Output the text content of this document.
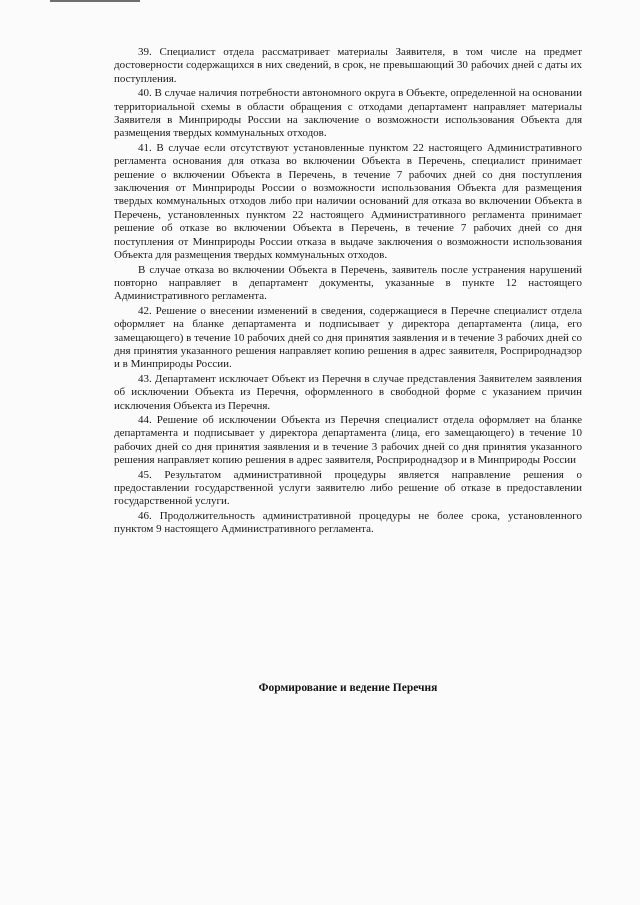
39. Специалист отдела рассматривает материалы Заявителя, в том числе на предмет достоверности содержащихся в них сведений, в срок, не превышающий 30 рабочих дней с даты их поступления.

40. В случае наличия потребности автономного округа в Объекте, определенной на основании территориальной схемы в области обращения с отходами департамент направляет материалы Заявителя в Минприроды России на заключение о возможности использования Объекта для размещения твердых коммунальных отходов.

41. В случае если отсутствуют установленные пунктом 22 настоящего Административного регламента основания для отказа во включении Объекта в Перечень, специалист принимает решение о включении Объекта в Перечень, в течение 7 рабочих дней со дня поступления заключения от Минприроды России о возможности использования Объекта для размещения твердых коммунальных отходов либо при наличии оснований для отказа во включении Объекта в Перечень, установленных пунктом 22 настоящего Административного регламента принимает решение об отказе во включении Объекта в Перечень, в течение 7 рабочих дней со дня поступления от Минприроды России отказа в выдаче заключения о возможности использования Объекта для размещения твердых коммунальных отходов.

В случае отказа во включении Объекта в Перечень, заявитель после устранения нарушений повторно направляет в департамент документы, указанные в пункте 12 настоящего Административного регламента.

42. Решение о внесении изменений в сведения, содержащиеся в Перечне специалист отдела оформляет на бланке департамента и подписывает у директора департамента (лица, его замещающего) в течение 10 рабочих дней со дня принятия заявления и в течение 3 рабочих дней со дня принятия указанного решения направляет копию решения в адрес заявителя, Росприроднадзор и в Минприроды России.

43. Департамент исключает Объект из Перечня в случае представления Заявителем заявления об исключении Объекта из Перечня, оформленного в свободной форме с указанием причин исключения Объекта из Перечня.

44. Решение об исключении Объекта из Перечня специалист отдела оформляет на бланке департамента и подписывает у директора департамента (лица, его замещающего) в течение 10 рабочих дней со дня принятия заявления и в течение 3 рабочих дней со дня принятия указанного решения направляет копию решения в адрес заявителя, Росприроднадзор и в Минприроды России

45. Результатом административной процедуры является направление решения о предоставлении государственной услуги заявителю либо решение об отказе в предоставлении государственной услуги.

46. Продолжительность административной процедуры не более срока, установленного пунктом 9 настоящего Административного регламента.

Формирование и ведение Перечня
